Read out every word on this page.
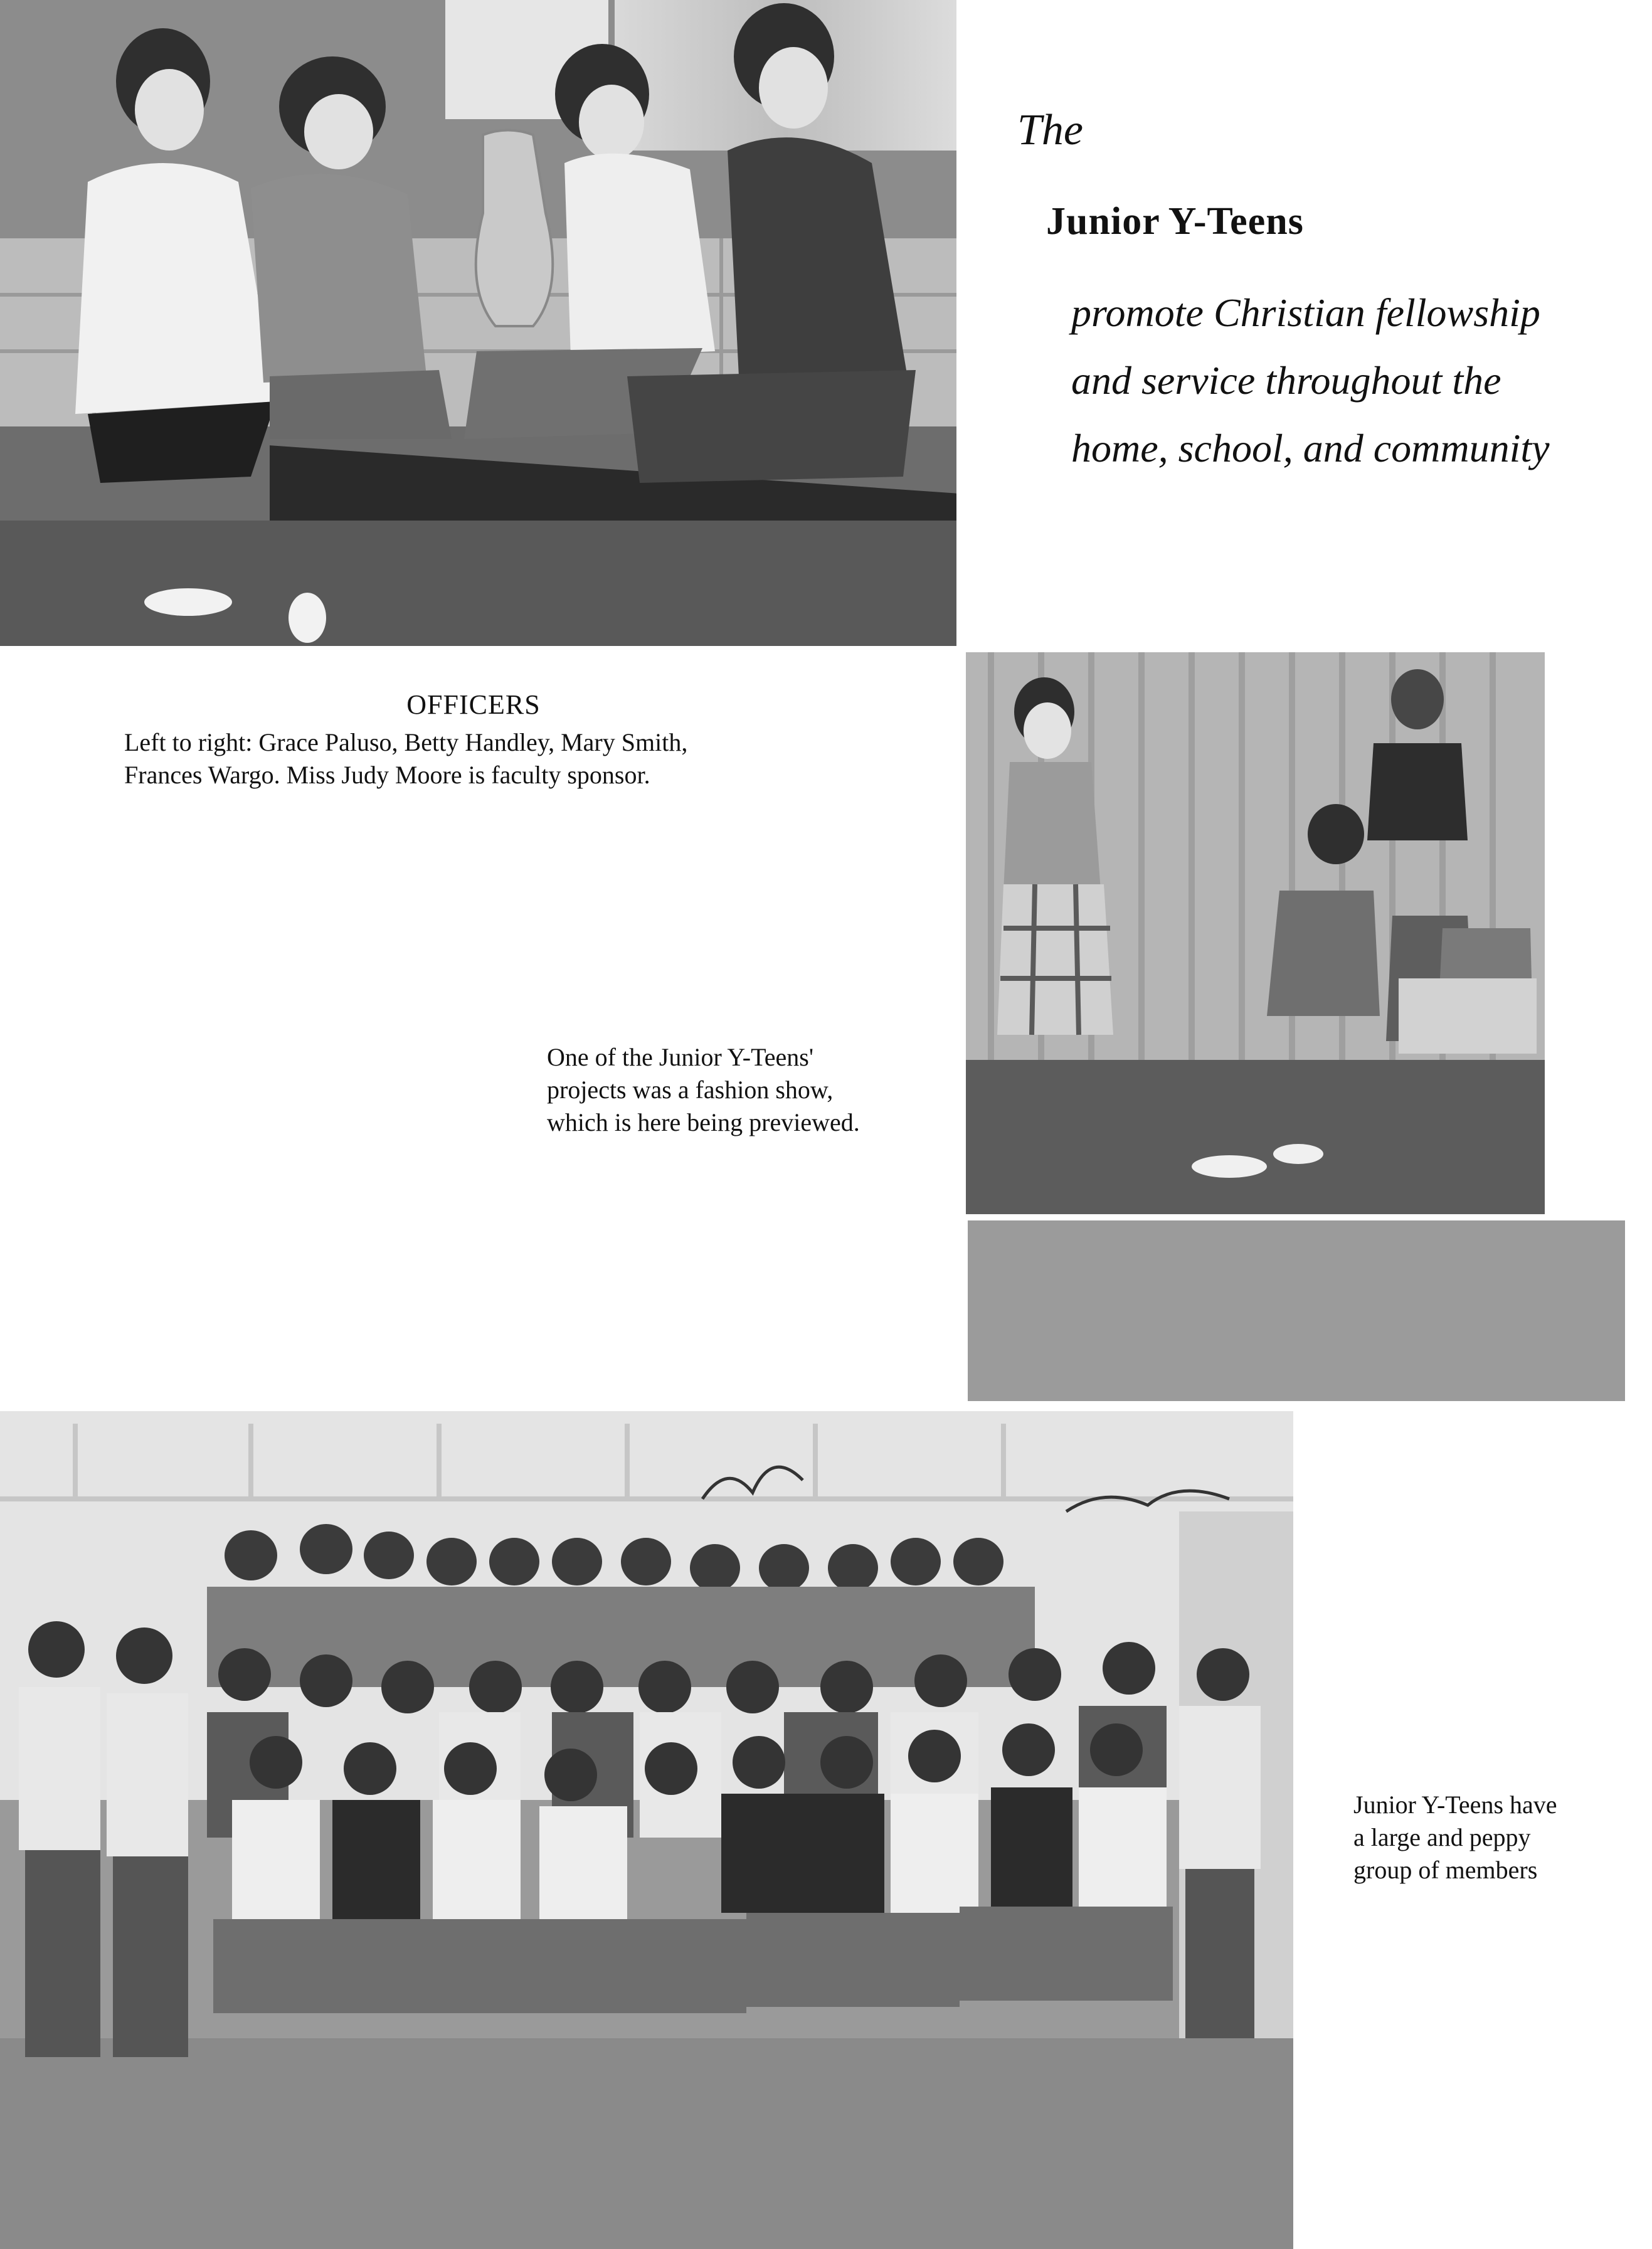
The
Junior Y-Teens
promote Christian fellowship
and service throughout the
home, school, and community
OFFICERS
Left to right: Grace Paluso, Betty Handley, Mary Smith,
Frances Wargo. Miss Judy Moore is faculty sponsor.
One of the Junior Y-Teens'
projects was a fashion show,
which is here being previewed.
Junior Y-Teens have
a large and peppy
group of members
